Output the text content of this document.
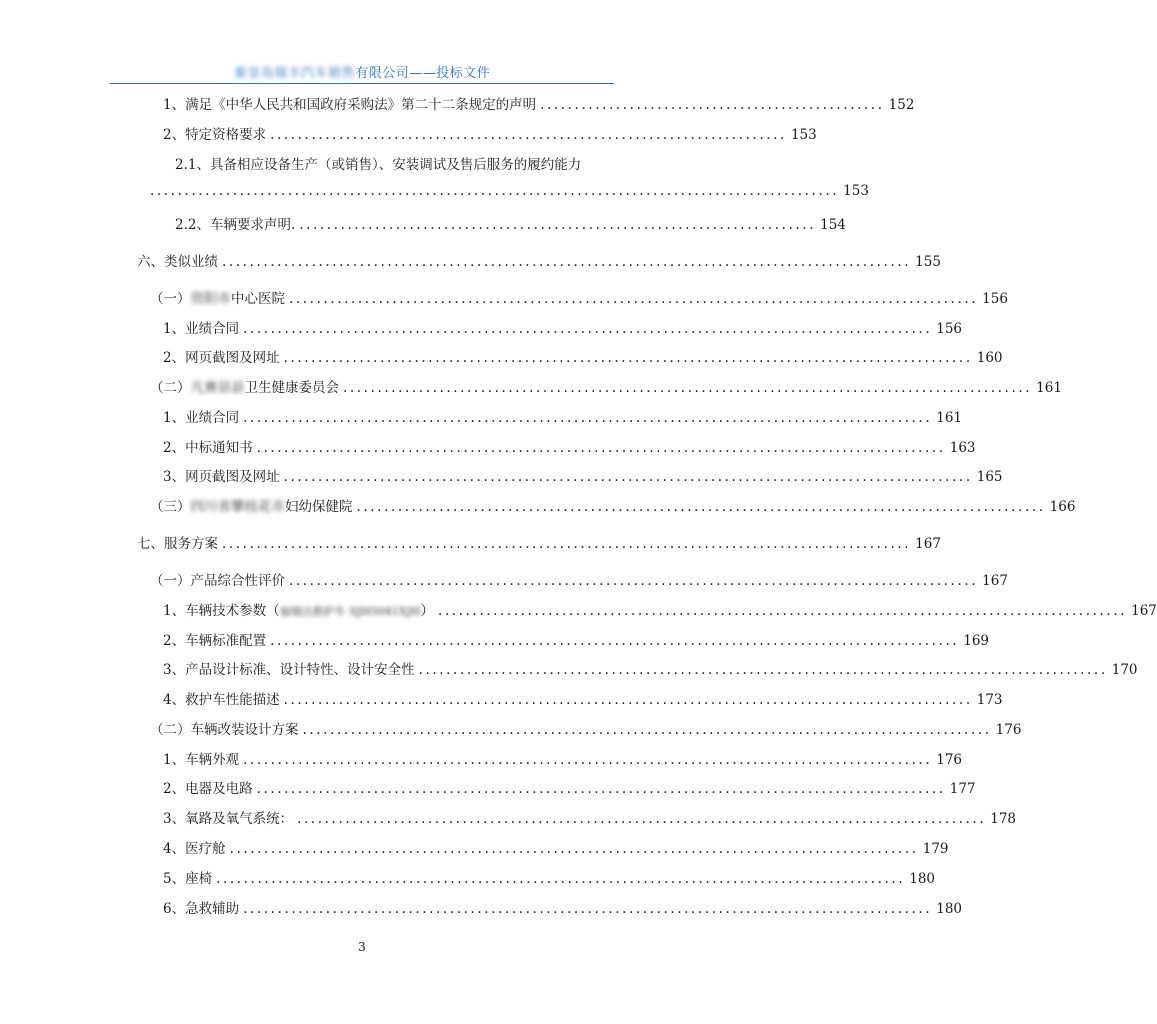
秦皇岛瑞丰汽车销售有限公司——投标文件
1、满足《中华人民共和国政府采购法》第二十二条规定的声明 .................................................. 152
2、特定资格要求 ........................................................................... 153
2.1、具备相应设备生产（或销售）、安装调试及售后服务的履约能力
.................................................................................................... 153
2.2、车辆要求声明. ........................................................................... 154
六、类似业绩 .................................................................................................... 155
（一）资阳市中心医院 .................................................................................................... 156
1、业绩合同 .................................................................................................... 156
2、网页截图及网址 .................................................................................................... 160
（二）凡赛县县卫生健康委员会 .................................................................................................... 161
1、业绩合同 .................................................................................................... 161
2、中标通知书 .................................................................................................... 163
3、网页截图及网址 .................................................................................................... 165
（三）四川省攀枝花市妇幼保健院 .................................................................................................... 166
七、服务方案 .................................................................................................... 167
（一）产品综合性评价 .................................................................................................... 167
1、车辆技术参数（福瑞达救护车 SJH5041XJH） .................................................................................................... 167
2、车辆标准配置 .................................................................................................... 169
3、产品设计标准、设计特性、设计安全性 .................................................................................................... 170
4、救护车性能描述 .................................................................................................... 173
（二）车辆改装设计方案 .................................................................................................... 176
1、车辆外观 .................................................................................................... 176
2、电器及电路 .................................................................................................... 177
3、氧路及氧气系统： .................................................................................................... 178
4、医疗舱 .................................................................................................... 179
5、座椅 .................................................................................................... 180
6、急救辅助 .................................................................................................... 180
3
